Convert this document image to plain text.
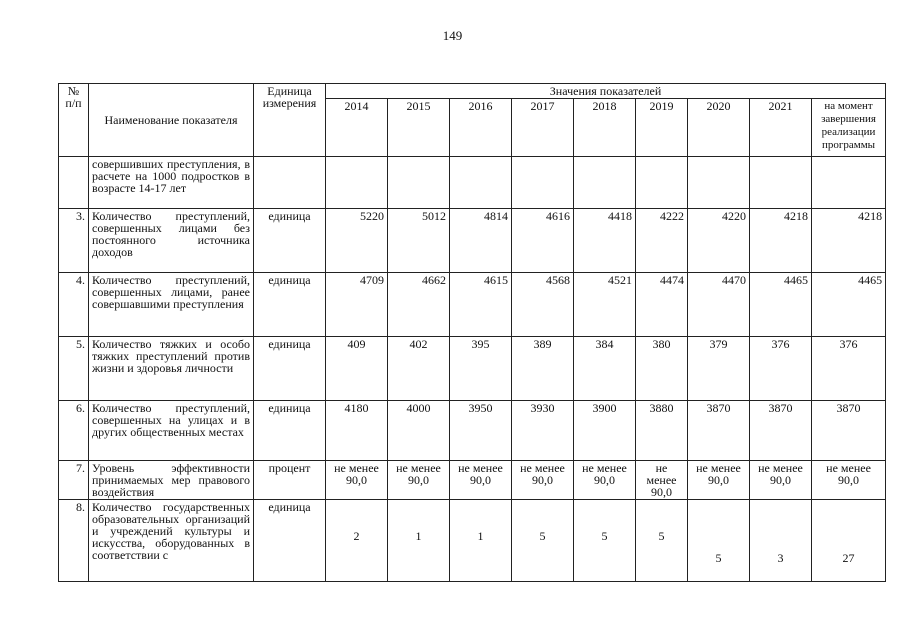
149
№ п/п	Наименование показателя	Единица измерения	Значения показателей								
			2014	2015	2016	2017	2018	2019	2020	2021	на момент завершения реализации программы
	совершивших преступления, в расчете на 1000 подростков в возрасте 14-17 лет										
3.	Количество преступлений, совершенных лицами без постоянного источника доходов	единица	5220	5012	4814	4616	4418	4222	4220	4218	4218
4.	Количество преступлений, совершенных лицами, ранее совершавшими преступления	единица	4709	4662	4615	4568	4521	4474	4470	4465	4465
5.	Количество тяжких и особо тяжких преступлений против жизни и здоровья личности	единица	409	402	395	389	384	380	379	376	376
6.	Количество преступлений, совершенных на улицах и в других общественных местах	единица	4180	4000	3950	3930	3900	3880	3870	3870	3870
7.	Уровень эффективности принимаемых мер правового воздействия	процент	не менее 90,0	не менее 90,0	не менее 90,0	не менее 90,0	не менее 90,0	не менее 90,0	не менее 90,0	не менее 90,0	не менее 90,0
8.	Количество государственных образовательных организаций и учреждений культуры и искусства, оборудованных в соответствии с	единица	2	1	1	5	5	5	5	3	27
